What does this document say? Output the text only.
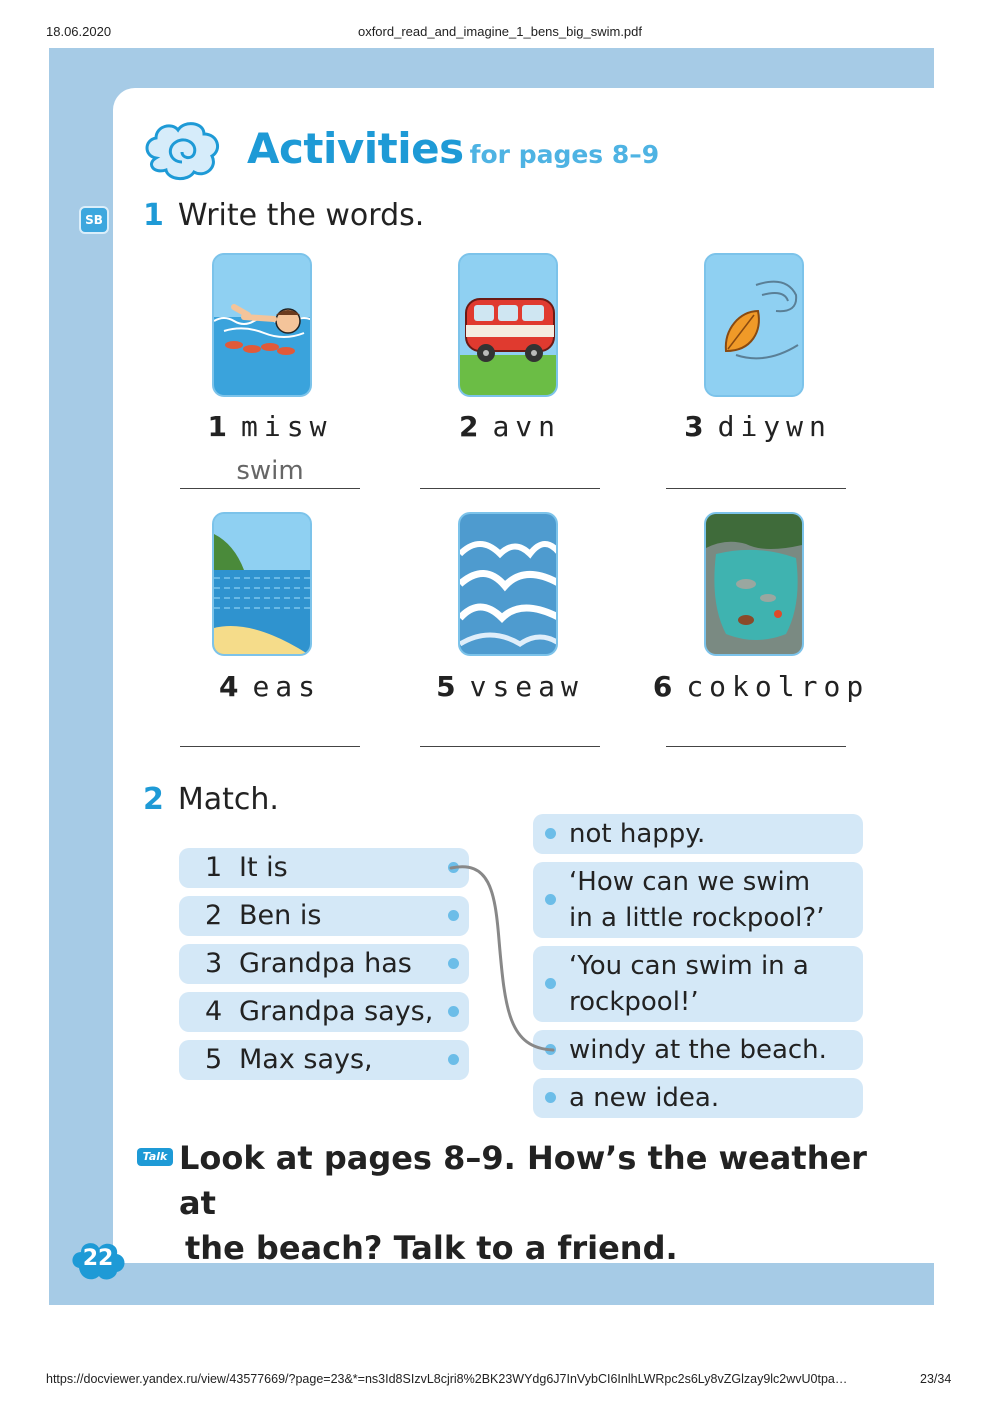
18.06.2020	oxford_read_and_imagine_1_bens_big_swim.pdf
SB
Activities for pages 8–9
1 Write the words.
1 misw	2 avn	3 diywn
swim
4 eas	5 vseaw	6 cokolrop
2 Match.
1 It is
2 Ben is
3 Grandpa has
4 Grandpa says,
5 Max says,
not happy.
‘How can we swim
in a little rockpool?’
‘You can swim in a
rockpool!’
windy at the beach.
a new idea.
Talk Look at pages 8–9. How’s the weather at
the beach? Talk to a friend.
22
https://docviewer.yandex.ru/view/43577669/?page=23&*=ns3Id8SIzvL8cjri8%2BK23WYdg6J7InVybCI6InlhLWRpc2s6Ly8vZGlzay9lc2wvU0tpa…	23/34
